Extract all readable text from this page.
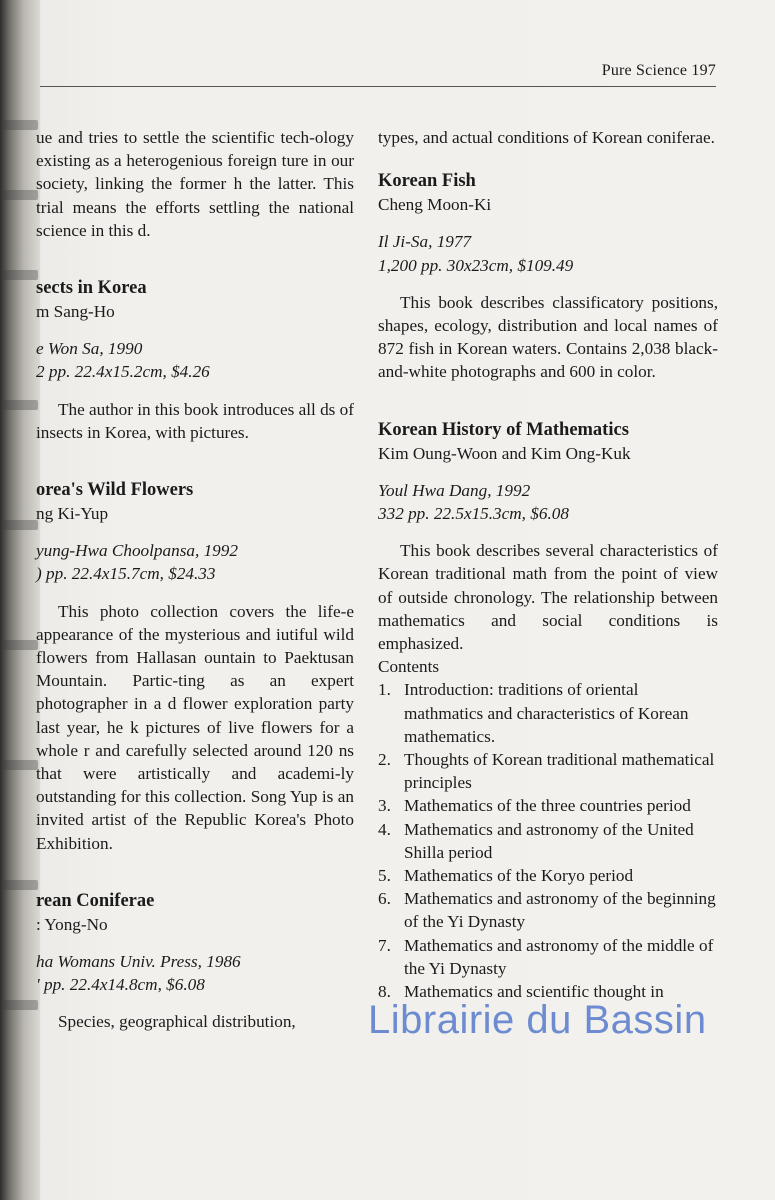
Pure Science 197

ue and tries to settle the scientific tech-ology existing as a heterogenious foreign ture in our society, linking the former h the latter. This trial means the efforts settling the national science in this d.

sects in Korea

m Sang-Ho

e Won Sa, 1990

2 pp. 22.4x15.2cm, $4.26

The author in this book introduces all ds of insects in Korea, with pictures.

orea's Wild Flowers

ng Ki-Yup

yung-Hwa Choolpansa, 1992

) pp. 22.4x15.7cm, $24.33

This photo collection covers the life-e appearance of the mysterious and iutiful wild flowers from Hallasan ountain to Paektusan Mountain. Partic-ting as an expert photographer in a d flower exploration party last year, he k pictures of live flowers for a whole r and carefully selected around 120 ns that were artistically and academi-ly outstanding for this collection. Song Yup is an invited artist of the Republic Korea's Photo Exhibition.

rean Coniferae

: Yong-No

ha Womans Univ. Press, 1986

' pp. 22.4x14.8cm, $6.08

Species, geographical distribution,

types, and actual conditions of Korean coniferae.

Korean Fish

Cheng Moon-Ki

Il Ji-Sa, 1977

1,200 pp. 30x23cm, $109.49

This book describes classificatory positions, shapes, ecology, distribution and local names of 872 fish in Korean waters. Contains 2,038 black-and-white photographs and 600 in color.

Korean History of Mathematics

Kim Oung-Woon and Kim Ong-Kuk

Youl Hwa Dang, 1992

332 pp. 22.5x15.3cm, $6.08

This book describes several characteristics of Korean traditional math from the point of view of outside chronology. The relationship between mathematics and social conditions is emphasized.

Contents

1. Introduction: traditions of oriental mathmatics and characteristics of Korean mathematics.
2. Thoughts of Korean traditional mathematical principles
3. Mathematics of the three countries period
4. Mathematics and astronomy of the United Shilla period
5. Mathematics of the Koryo period
6. Mathematics and astronomy of the beginning of the Yi Dynasty
7. Mathematics and astronomy of the middle of the Yi Dynasty
8. Mathematics and scientific thought in
Librairie du Bassin
